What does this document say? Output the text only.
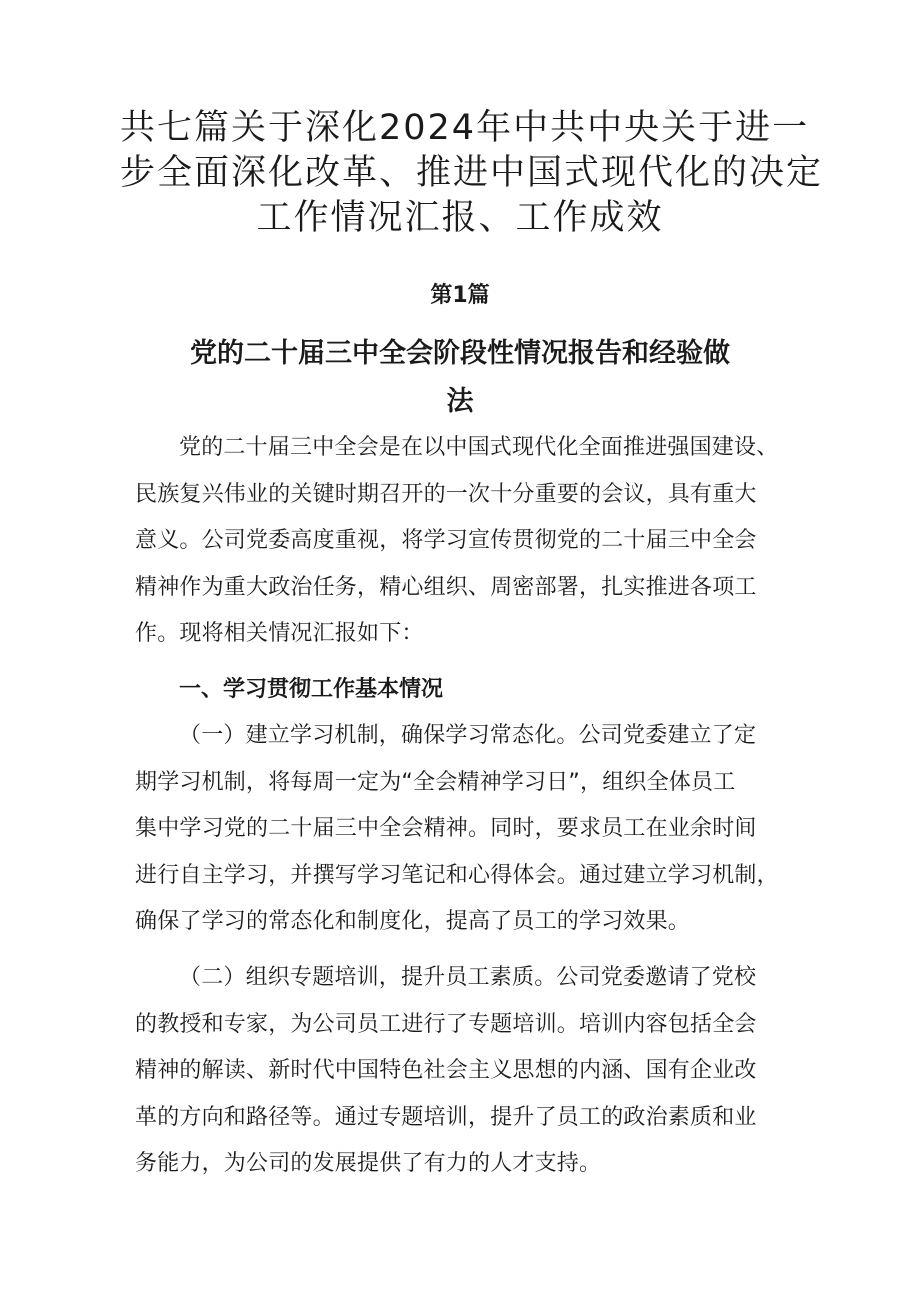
共七篇关于深化2024年中共中央关于进一
步全面深化改革、推进中国式现代化的决定
工作情况汇报、工作成效
第1篇
党的二十届三中全会阶段性情况报告和经验做
法
党的二十届三中全会是在以中国式现代化全面推进强国建设、
民族复兴伟业的关键时期召开的一次十分重要的会议，具有重大
意义。公司党委高度重视，将学习宣传贯彻党的二十届三中全会
精神作为重大政治任务，精心组织、周密部署，扎实推进各项工
作。现将相关情况汇报如下：
一、学习贯彻工作基本情况
（一）建立学习机制，确保学习常态化。公司党委建立了定
期学习机制，将每周一定为“全会精神学习日”，组织全体员工
集中学习党的二十届三中全会精神。同时，要求员工在业余时间
进行自主学习，并撰写学习笔记和心得体会。通过建立学习机制，
确保了学习的常态化和制度化，提高了员工的学习效果。
（二）组织专题培训，提升员工素质。公司党委邀请了党校
的教授和专家，为公司员工进行了专题培训。培训内容包括全会
精神的解读、新时代中国特色社会主义思想的内涵、国有企业改
革的方向和路径等。通过专题培训，提升了员工的政治素质和业
务能力，为公司的发展提供了有力的人才支持。
